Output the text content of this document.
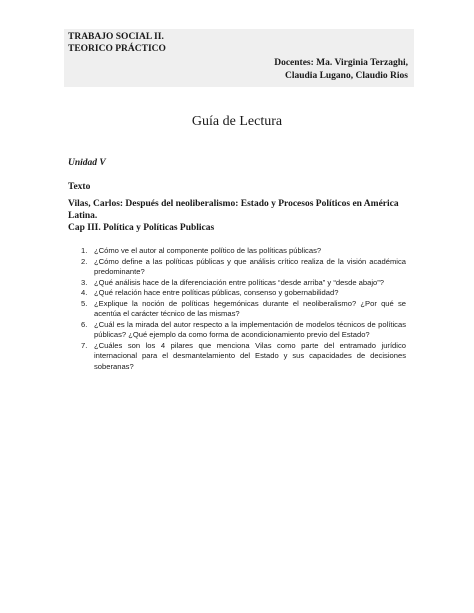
TRABAJO SOCIAL II.
TEORICO PRÁCTICO
Docentes: Ma. Virginia Terzaghi,
Claudia Lugano, Claudio Rios
Guía de Lectura
Unidad V
Texto
Vilas, Carlos: Después del neoliberalismo: Estado y Procesos Políticos en América Latina.
Cap III. Política y Políticas Publicas
1. ¿Cómo ve el autor al componente político de las políticas públicas?
2. ¿Cómo define a las políticas públicas y que análisis crítico realiza de la visión académica predominante?
3. ¿Qué análisis hace de la diferenciación entre políticas “desde arriba” y “desde abajo”?
4. ¿Qué relación hace entre políticas públicas, consenso y gobernabilidad?
5. ¿Explique la noción de políticas hegemónicas durante el neoliberalismo? ¿Por qué se acentúa el carácter técnico de las mismas?
6. ¿Cuál es la mirada del autor respecto a la implementación de modelos técnicos de políticas públicas? ¿Qué ejemplo da como forma de acondicionamiento previo del Estado?
7. ¿Cuáles son los 4 pilares que menciona Vilas como parte del entramado jurídico internacional para el desmantelamiento del Estado y sus capacidades de decisiones soberanas?
